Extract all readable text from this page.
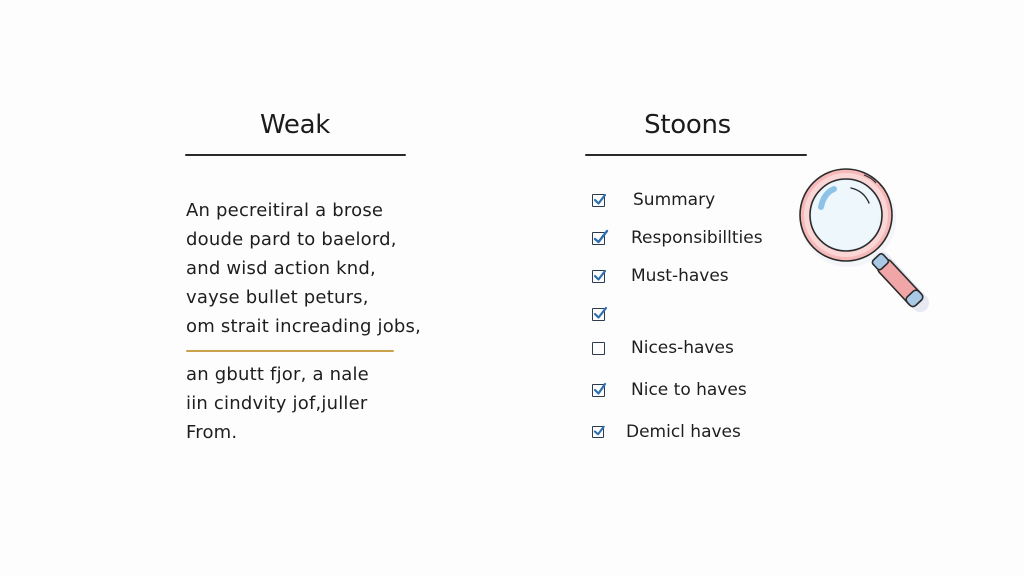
Weak
An pecreitiral a brose
doude pard to baelord,
and wisd action knd,
vayse bullet peturs,
om strait increading jobs,
an gbutt fjor, a nale
iin cindvity jof,juller
From.
Stoons
Summary
Responsibillties
Must-haves
Nices-haves
Nice to haves
Demicl haves
